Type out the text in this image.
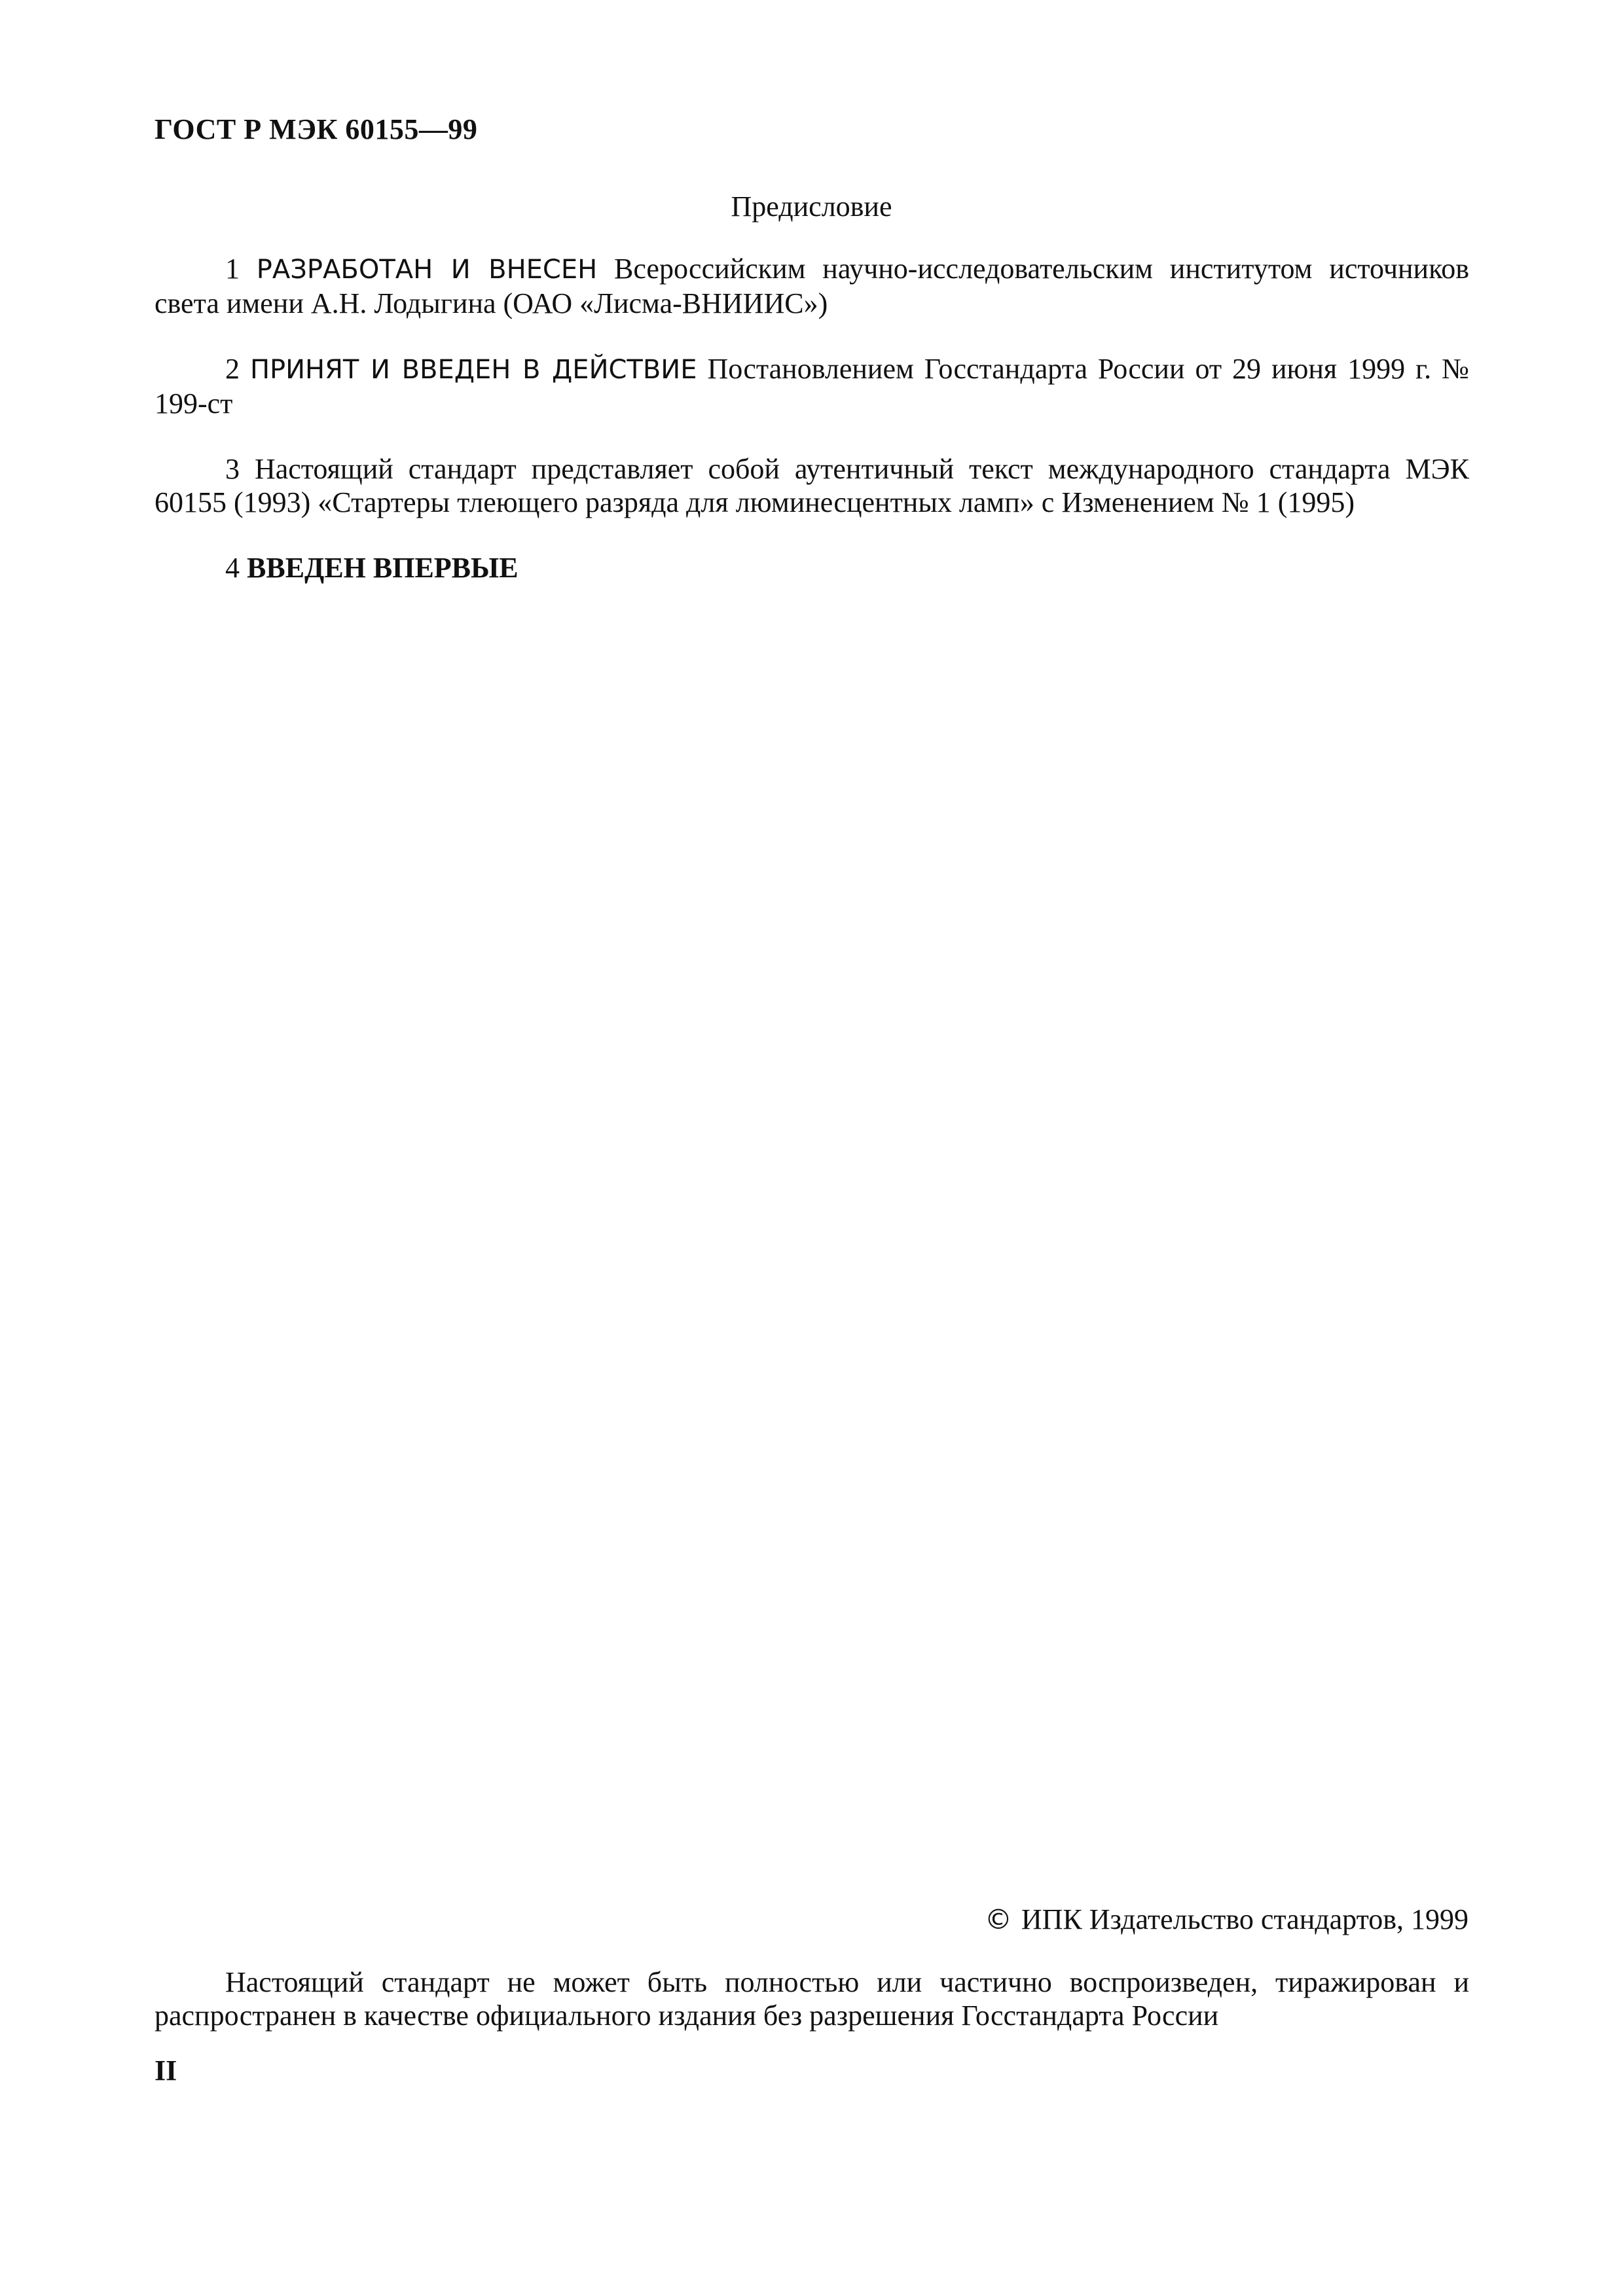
ГОСТ Р МЭК 60155—99
Предисловие

1 РАЗРАБОТАН И ВНЕСЕН Всероссийским научно-исследовательским институтом источников света имени А.Н. Лодыгина (ОАО «Лисма-ВНИИИС»)

2 ПРИНЯТ И ВВЕДЕН В ДЕЙСТВИЕ Постановлением Госстандарта России от 29 июня 1999 г. № 199-ст

3 Настоящий стандарт представляет собой аутентичный текст международного стандарта МЭК 60155 (1993) «Стартеры тлеющего разряда для люминесцентных ламп» с Изменением № 1 (1995)

4 ВВЕДЕН ВПЕРВЫЕ

© ИПК Издательство стандартов, 1999

Настоящий стандарт не может быть полностью или частично воспроизведен, тиражирован и распространен в качестве официального издания без разрешения Госстандарта России

II
